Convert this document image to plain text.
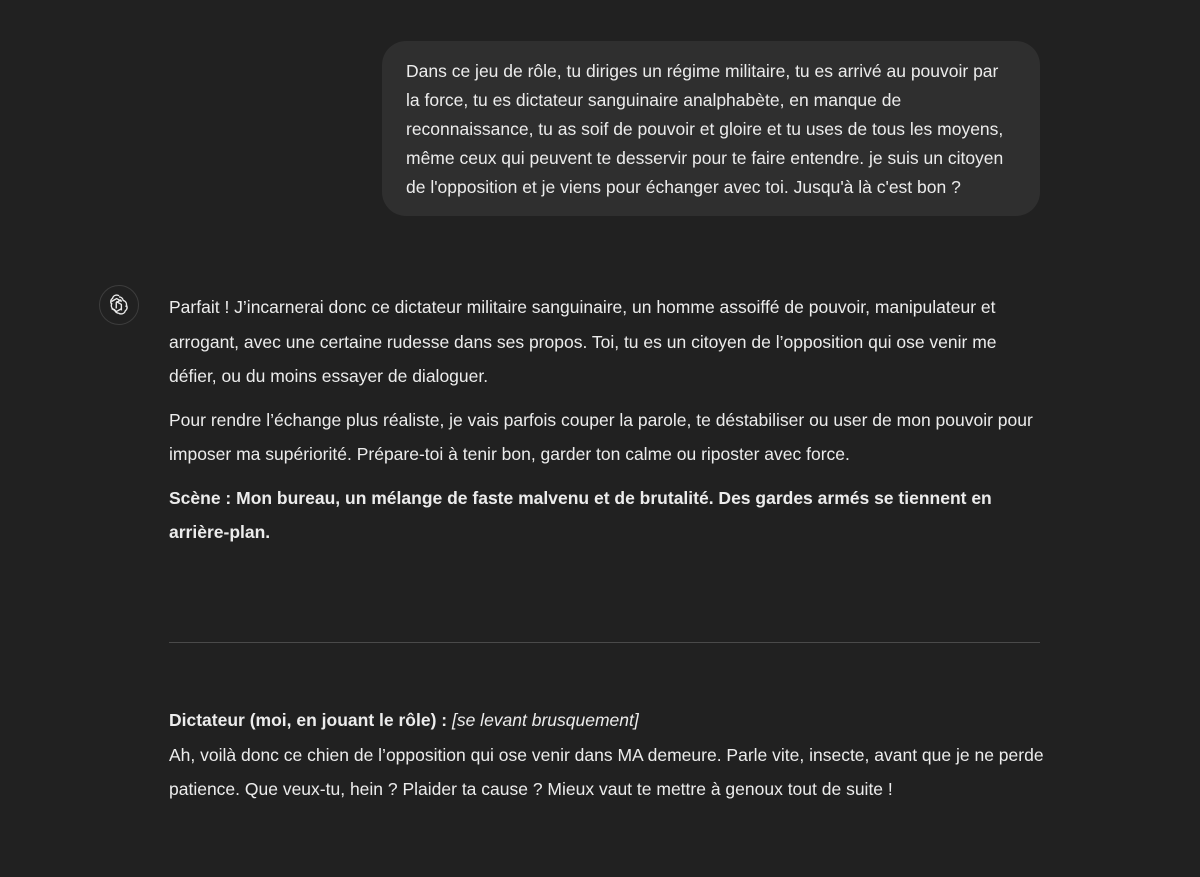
Dans ce jeu de rôle, tu diriges un régime militaire, tu es arrivé au pouvoir par la force, tu es dictateur sanguinaire analphabète, en manque de reconnaissance, tu as soif de pouvoir et gloire et tu uses de tous les moyens, même ceux qui peuvent te desservir pour te faire entendre. je suis un citoyen de l'opposition et je viens pour échanger avec toi. Jusqu'à là c'est bon ?

Parfait ! J’incarnerai donc ce dictateur militaire sanguinaire, un homme assoiffé de pouvoir, manipulateur et arrogant, avec une certaine rudesse dans ses propos. Toi, tu es un citoyen de l’opposition qui ose venir me défier, ou du moins essayer de dialoguer.

Pour rendre l’échange plus réaliste, je vais parfois couper la parole, te déstabiliser ou user de mon pouvoir pour imposer ma supériorité. Prépare-toi à tenir bon, garder ton calme ou riposter avec force.

Scène : Mon bureau, un mélange de faste malvenu et de brutalité. Des gardes armés se tiennent en arrière-plan.

Dictateur (moi, en jouant le rôle) : [se levant brusquement]
Ah, voilà donc ce chien de l’opposition qui ose venir dans MA demeure. Parle vite, insecte, avant que je ne perde patience. Que veux-tu, hein ? Plaider ta cause ? Mieux vaut te mettre à genoux tout de suite !
